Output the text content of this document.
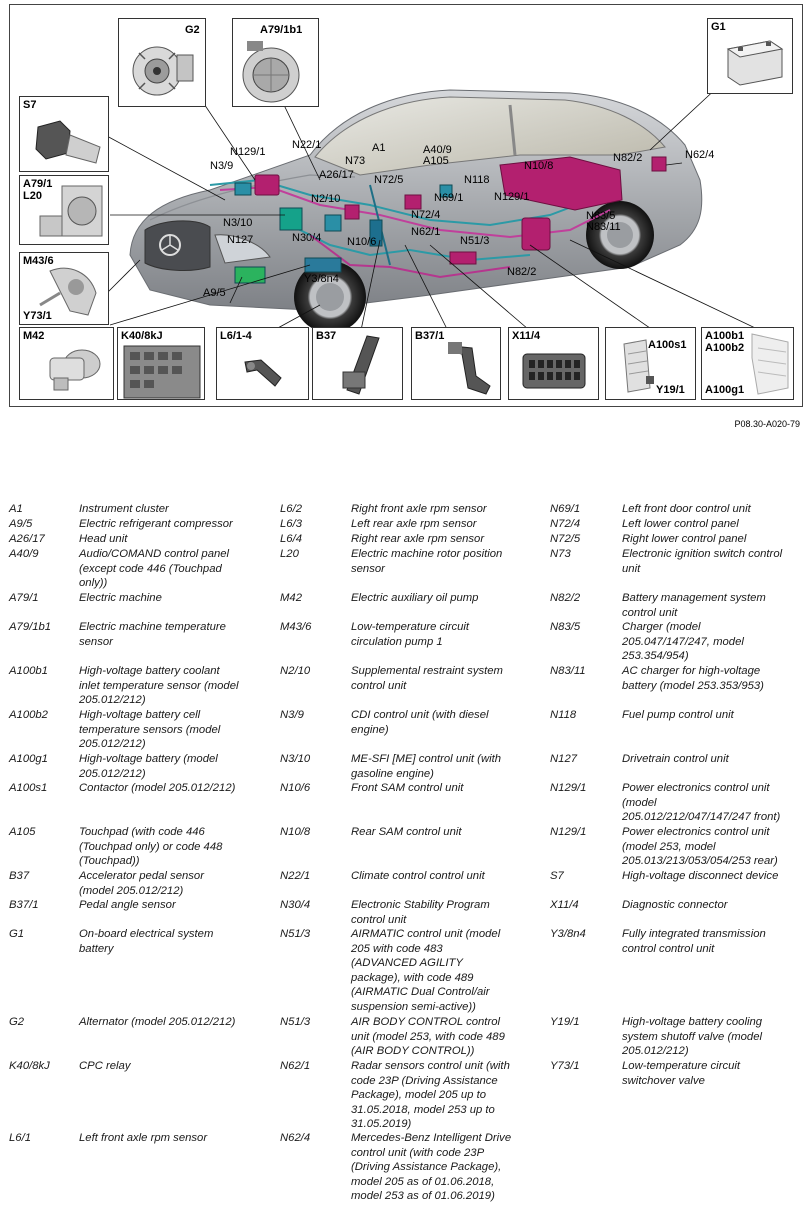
G2	A79/1b1	G1
S7
A79/1
L20
M43/6
Y73/1
M42	K40/8kJ	L6/1-4	B37	B37/1	X11/4
A100s1
Y19/1
A100b1
A100b2
A100g1
N129/1
N22/1
N3/9
A1
N73
A40/9
A105
A26/17 N72/5	N118
N2/10	N69/1
N3/10
N72/4
N127	N30/4 N10/6
N62/1
N51/3
Y3/8n4
A9/5
N10/8
N82/2	N62/4
N129/1
N83/5
N83/11
N82/2
P08.30-A020-79
A1	Instrument cluster
A9/5	Electric refrigerant compressor
A26/17	Head unit
A40/9	Audio/COMAND control panel
(except code 446 (Touchpad
only))
A79/1	Electric machine
A79/1b1 Electric machine temperature
sensor
A100b1	High-voltage battery coolant
inlet temperature sensor (model
205.012/212)
A100b2	High-voltage battery cell
temperature sensors (model
205.012/212)
A100g1	High-voltage battery (model
205.012/212)
A100s1	Contactor (model 205.012/212)
A105	Touchpad (with code 446
(Touchpad only) or code 448
(Touchpad))
B37	Accelerator pedal sensor
(model 205.012/212)
B37/1	Pedal angle sensor
G1	On-board electrical system
battery
G2	Alternator (model 205.012/212)
K40/8kJ	CPC relay
L6/1	Left front axle rpm sensor
L6/2	Right front axle rpm sensor
L6/3	Left rear axle rpm sensor
L6/4	Right rear axle rpm sensor
L20	Electric machine rotor position
sensor
M42	Electric auxiliary oil pump
M43/6	Low-temperature circuit
circulation pump 1
N2/10	Supplemental restraint system
control unit
N3/9	CDI control unit (with diesel
engine)
N3/10	ME-SFI [ME] control unit (with
gasoline engine)
N10/6	Front SAM control unit
N10/8	Rear SAM control unit
N22/1	Climate control control unit
N30/4	Electronic Stability Program
control unit
N51/3	AIRMATIC control unit (model
205 with code 483
(ADVANCED AGILITY
package), with code 489
(AIRMATIC Dual Control/air
suspension semi-active))
N51/3	AIR BODY CONTROL control
unit (model 253, with code 489
(AIR BODY CONTROL))
N62/1	Radar sensors control unit (with
code 23P (Driving Assistance
Package), model 205 up to
31.05.2018, model 253 up to
31.05.2019)
N62/4	Mercedes-Benz Intelligent Drive
control unit (with code 23P
(Driving Assistance Package),
model 205 as of 01.06.2018,
model 253 as of 01.06.2019)
N69/1	Left front door control unit
N72/4	Left lower control panel
N72/5	Right lower control panel
N73	Electronic ignition switch control
unit
N82/2	Battery management system
control unit
N83/5	Charger (model
205.047/147/247, model
253.354/954)
N83/11	AC charger for high-voltage
battery (model 253.353/953)
N118	Fuel pump control unit
N127	Drivetrain control unit
N129/1	Power electronics control unit
(model
205.012/212/047/147/247 front)
N129/1	Power electronics control unit
(model 253, model
205.013/213/053/054/253 rear)
S7	High-voltage disconnect device
X11/4	Diagnostic connector
Y3/8n4	Fully integrated transmission
control control unit
Y19/1	High-voltage battery cooling
system shutoff valve (model
205.012/212)
Y73/1	Low-temperature circuit
switchover valve
